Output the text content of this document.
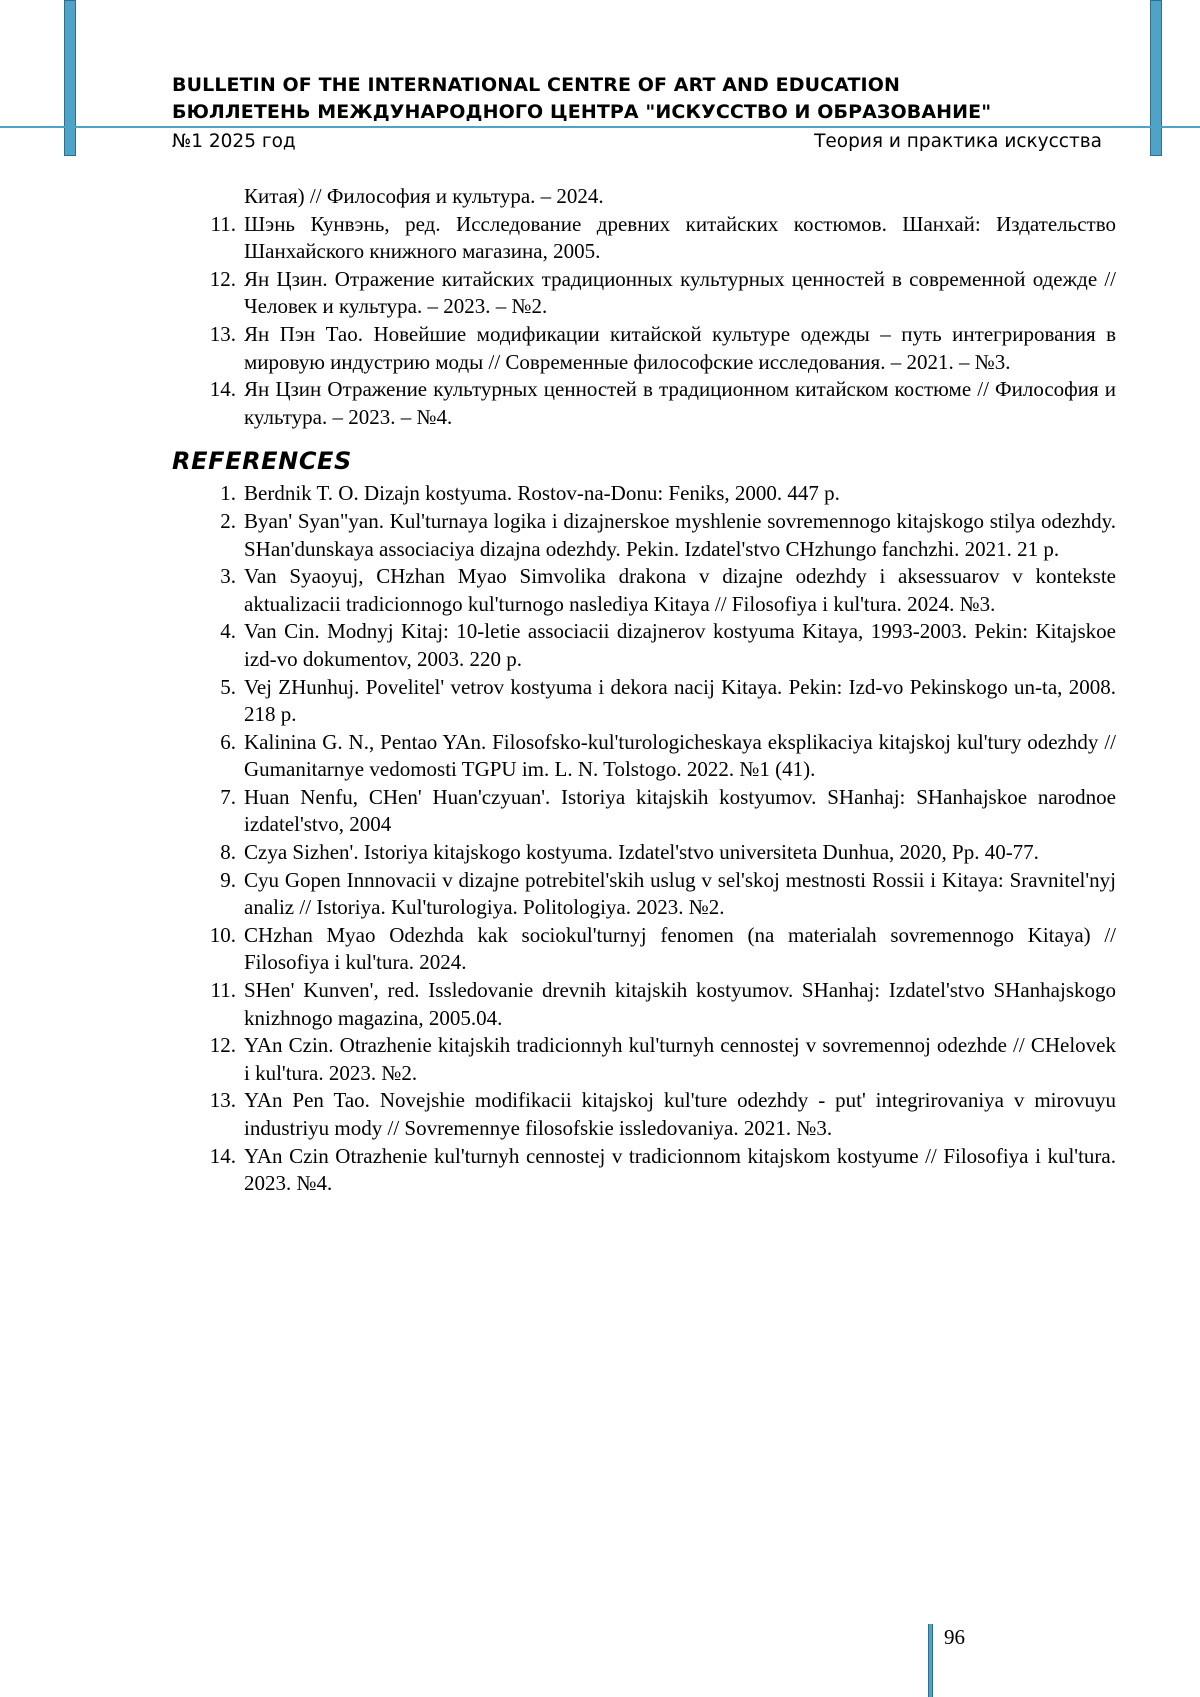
BULLETIN OF THE INTERNATIONAL CENTRE OF ART AND EDUCATION
БЮЛЛЕТЕНЬ МЕЖДУНАРОДНОГО ЦЕНТРА "ИСКУССТВО И ОБРАЗОВАНИЕ"
№1 2025 год	Теория и практика искусства
Китая) // Философия и культура. – 2024.
11. Шэнь Кунвэнь, ред. Исследование древних китайских костюмов. Шанхай: Издательство Шанхайского книжного магазина, 2005.
12. Ян Цзин. Отражение китайских традиционных культурных ценностей в современной одежде // Человек и культура. – 2023. – №2.
13. Ян Пэн Тао. Новейшие модификации китайской культуре одежды – путь интегрирования в мировую индустрию моды // Современные философские исследования. – 2021. – №3.
14. Ян Цзин Отражение культурных ценностей в традиционном китайском костюме // Философия и культура. – 2023. – №4.
REFERENCES
1. Berdnik T. O. Dizajn kostyuma. Rostov-na-Donu: Feniks, 2000. 447 p.
2. Byan' Syan"yan. Kul'turnaya logika i dizajnerskoe myshlenie sovremennogo kitajskogo stilya odezhdy. SHan'dunskaya associaciya dizajna odezhdy. Pekin. Izdatel'stvo CHzhungo fanchzhi. 2021. 21 p.
3. Van Syaoyuj, CHzhan Myao Simvolika drakona v dizajne odezhdy i aksessuarov v kontekste aktualizacii tradicionnogo kul'turnogo naslediya Kitaya // Filosofiya i kul'tura. 2024. №3.
4. Van Cin. Modnyj Kitaj: 10-letie associacii dizajnerov kostyuma Kitaya, 1993-2003. Pekin: Kitajskoe izd-vo dokumentov, 2003. 220 p.
5. Vej ZHunhuj. Povelitel' vetrov kostyuma i dekora nacij Kitaya. Pekin: Izd-vo Pekinskogo un-ta, 2008. 218 p.
6. Kalinina G. N., Pentao YAn. Filosofsko-kul'turologicheskaya eksplikaciya kitajskoj kul'tury odezhdy // Gumanitarnye vedomosti TGPU im. L. N. Tolstogo. 2022. №1 (41).
7. Huan Nenfu, CHen' Huan'czyuan'. Istoriya kitajskih kostyumov. SHanhaj: SHanhajskoe narodnoe izdatel'stvo, 2004
8. Czya Sizhen'. Istoriya kitajskogo kostyuma. Izdatel'stvo universiteta Dunhua, 2020, Pp. 40-77.
9. Cyu Gopen Innnovacii v dizajne potrebitel'skih uslug v sel'skoj mestnosti Rossii i Kitaya: Sravnitel'nyj analiz // Istoriya. Kul'turologiya. Politologiya. 2023. №2.
10. CHzhan Myao Odezhda kak sociokul'turnyj fenomen (na materialah sovremennogo Kitaya) // Filosofiya i kul'tura. 2024.
11. SHen' Kunven', red. Issledovanie drevnih kitajskih kostyumov. SHanhaj: Izdatel'stvo SHanhajskogo knizhnogo magazina, 2005.04.
12. YAn Czin. Otrazhenie kitajskih tradicionnyh kul'turnyh cennostej v sovremennoj odezhde // CHelovek i kul'tura. 2023. №2.
13. YAn Pen Tao. Novejshie modifikacii kitajskoj kul'ture odezhdy - put' integrirovaniya v mirovuyu industriyu mody // Sovremennye filosofskie issledovaniya. 2021. №3.
14. YAn Czin Otrazhenie kul'turnyh cennostej v tradicionnom kitajskom kostyume // Filosofiya i kul'tura. 2023. №4.
96
